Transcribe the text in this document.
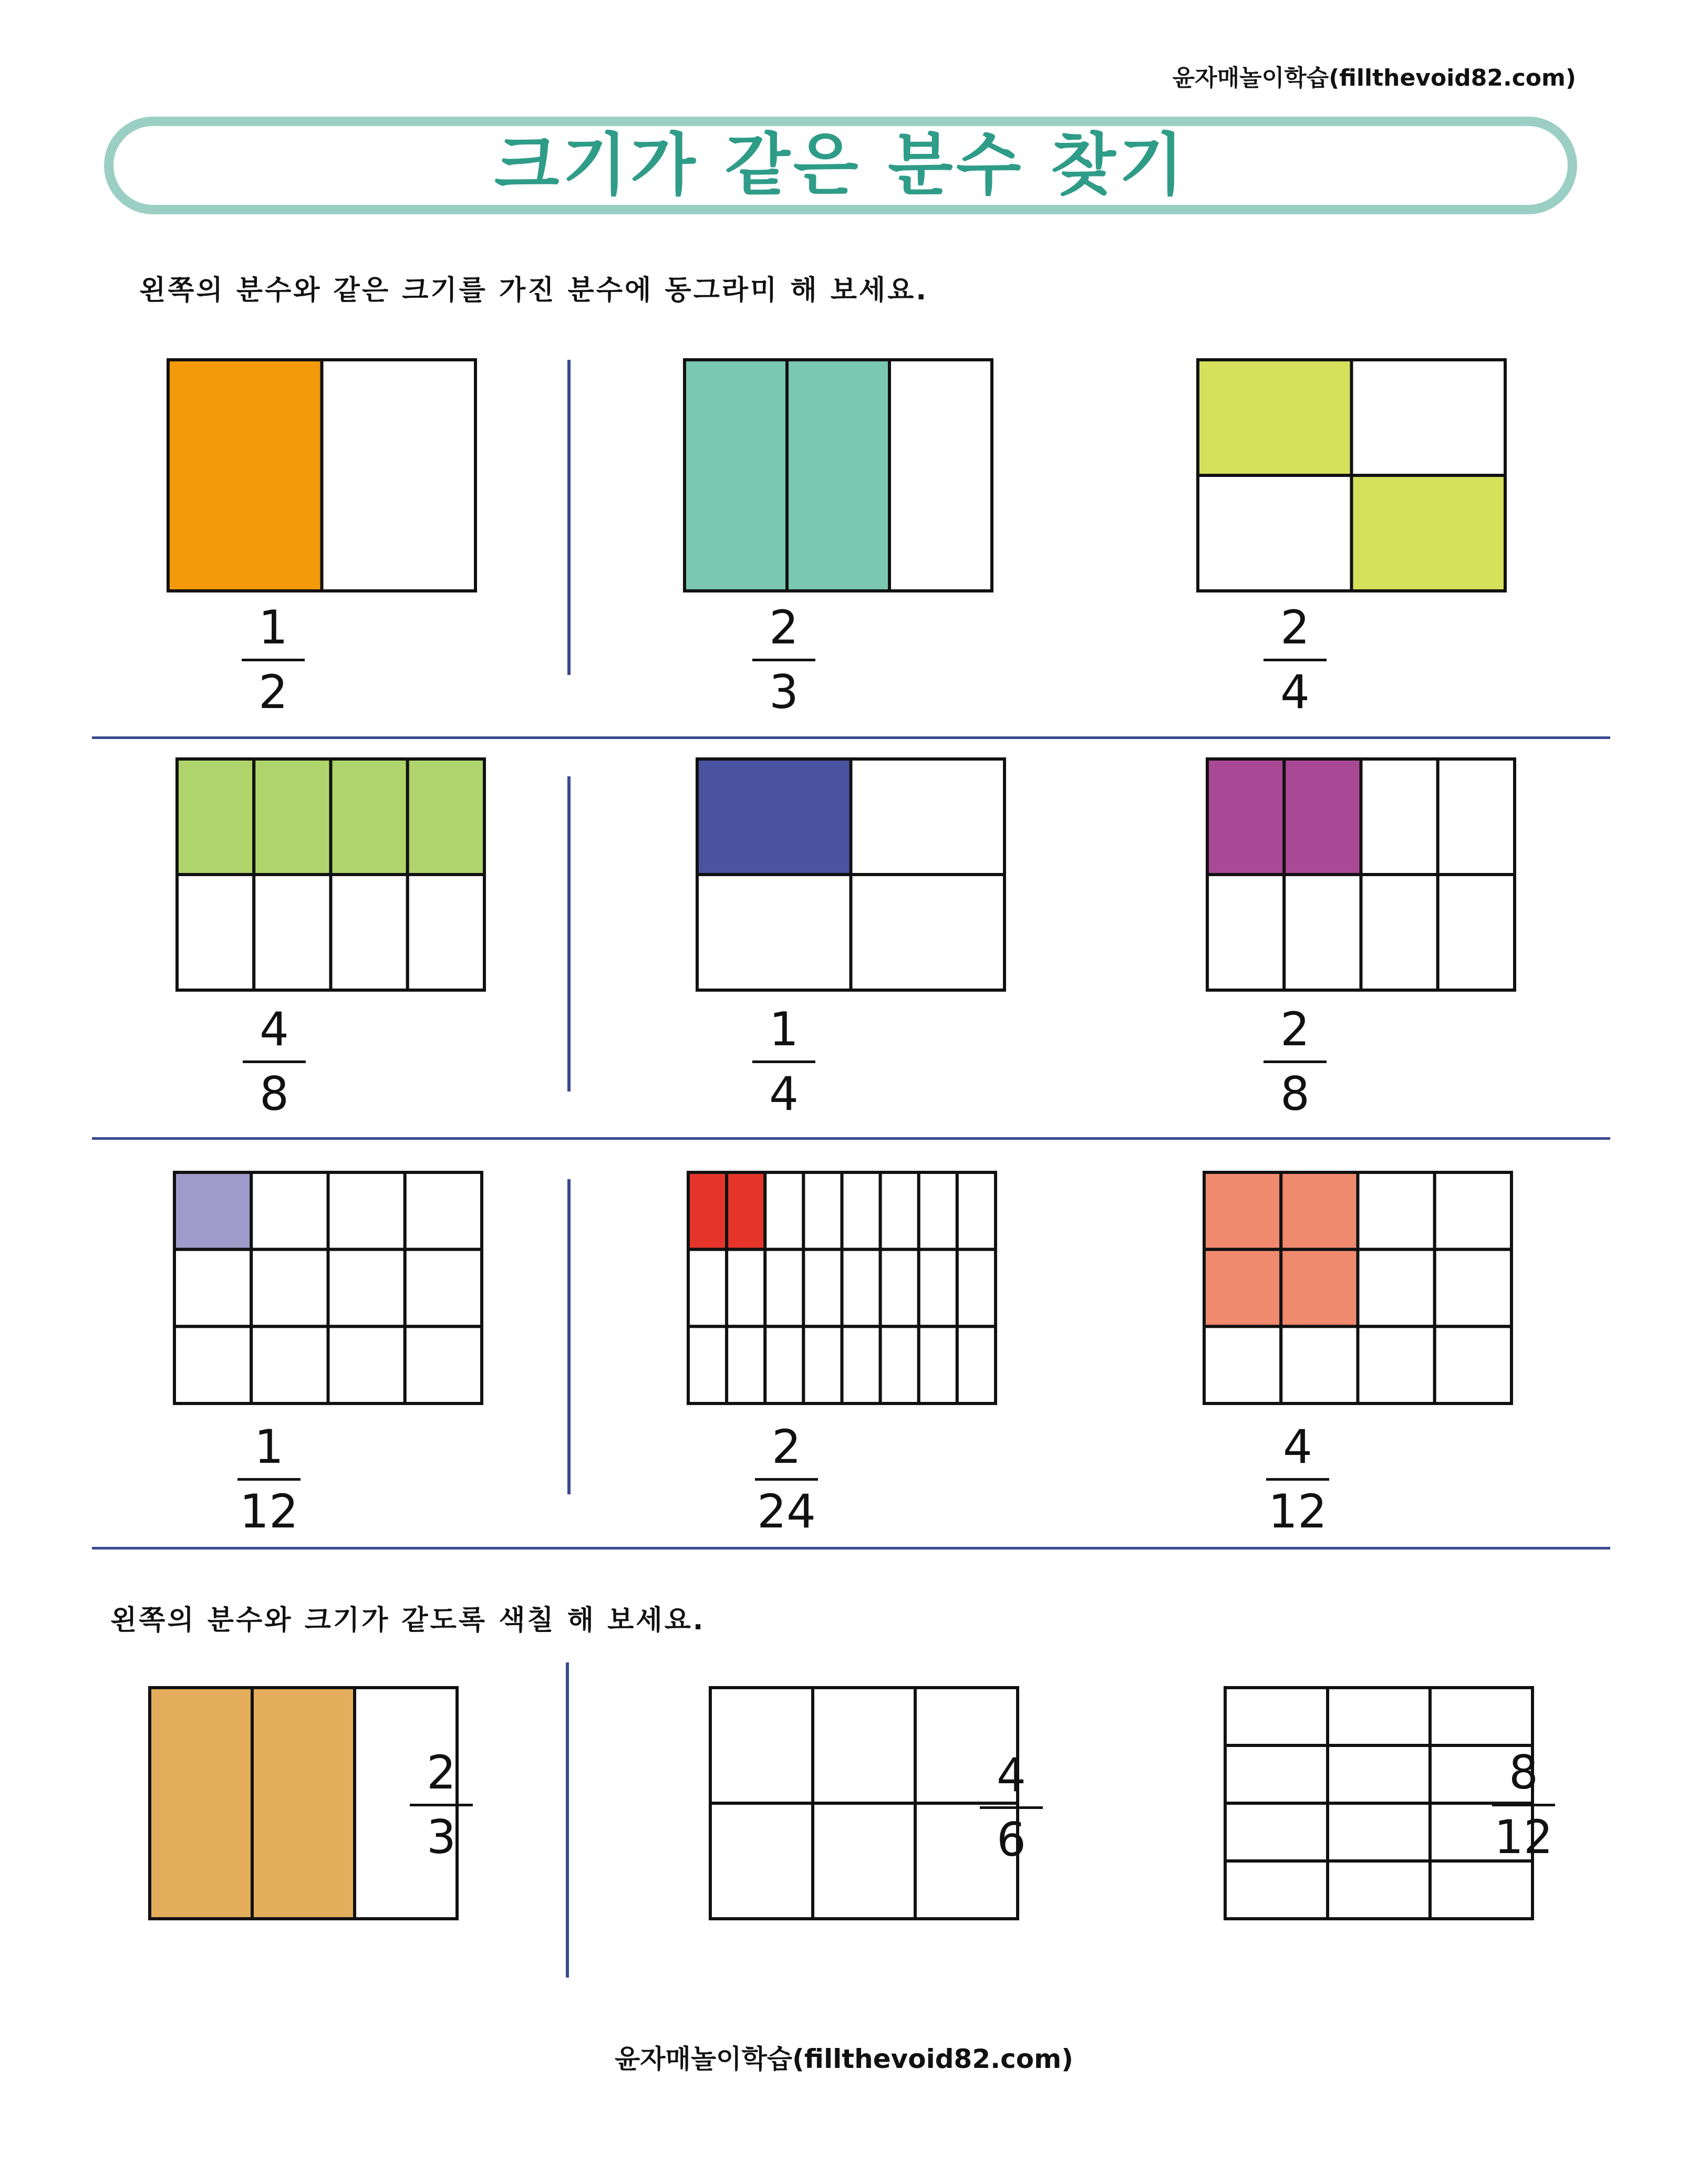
윤자매놀이학습(fillthevoid82.com)
크기가 같은 분수 찾기
왼쪽의 분수와 같은 크기를 가진 분수에 동그라미 해 보세요.
왼쪽의 분수와 크기가 같도록 색칠 해 보세요.
1
2
2
3
2
4
4
8
1
4
2
8
1
12
2
24
4
12
2
3
4
6
8
12
윤자매놀이학습(fillthevoid82.com)
